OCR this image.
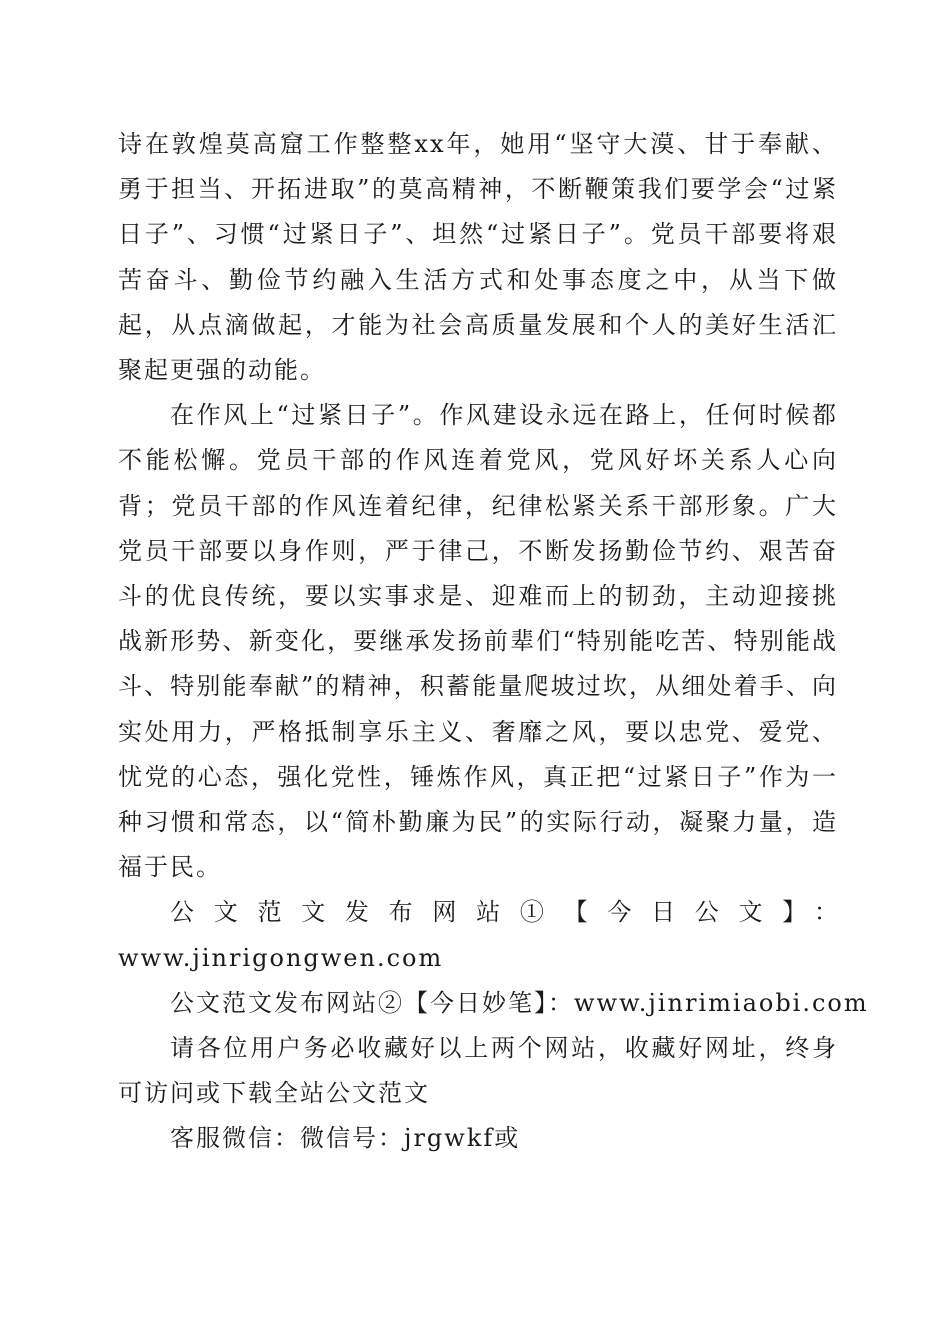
诗在敦煌莫高窟工作整整xx年，她用“坚守大漠、甘于奉献、勇于担当、开拓进取”的莫高精神，不断鞭策我们要学会“过紧日子”、习惯“过紧日子”、坦然“过紧日子”。党员干部要将艰苦奋斗、勤俭节约融入生活方式和处事态度之中，从当下做起，从点滴做起，才能为社会高质量发展和个人的美好生活汇聚起更强的动能。

在作风上“过紧日子”。作风建设永远在路上，任何时候都不能松懈。党员干部的作风连着党风，党风好坏关系人心向背；党员干部的作风连着纪律，纪律松紧关系干部形象。广大党员干部要以身作则，严于律己，不断发扬勤俭节约、艰苦奋斗的优良传统，要以实事求是、迎难而上的韧劲，主动迎接挑战新形势、新变化，要继承发扬前辈们“特别能吃苦、特别能战斗、特别能奉献”的精神，积蓄能量爬坡过坎，从细处着手、向实处用力，严格抵制享乐主义、奢靡之风，要以忠党、爱党、忧党的心态，强化党性，锤炼作风，真正把“过紧日子”作为一种习惯和常态，以“简朴勤廉为民”的实际行动，凝聚力量，造福于民。

公文范文发布网站①【今日公文】：
www.jinrigongwen.com

公文范文发布网站②【今日妙笔】：www.jinrimiaobi.com

请各位用户务必收藏好以上两个网站，收藏好网址，终身可访问或下载全站公文范文

客服微信：微信号：jrgwkf或
